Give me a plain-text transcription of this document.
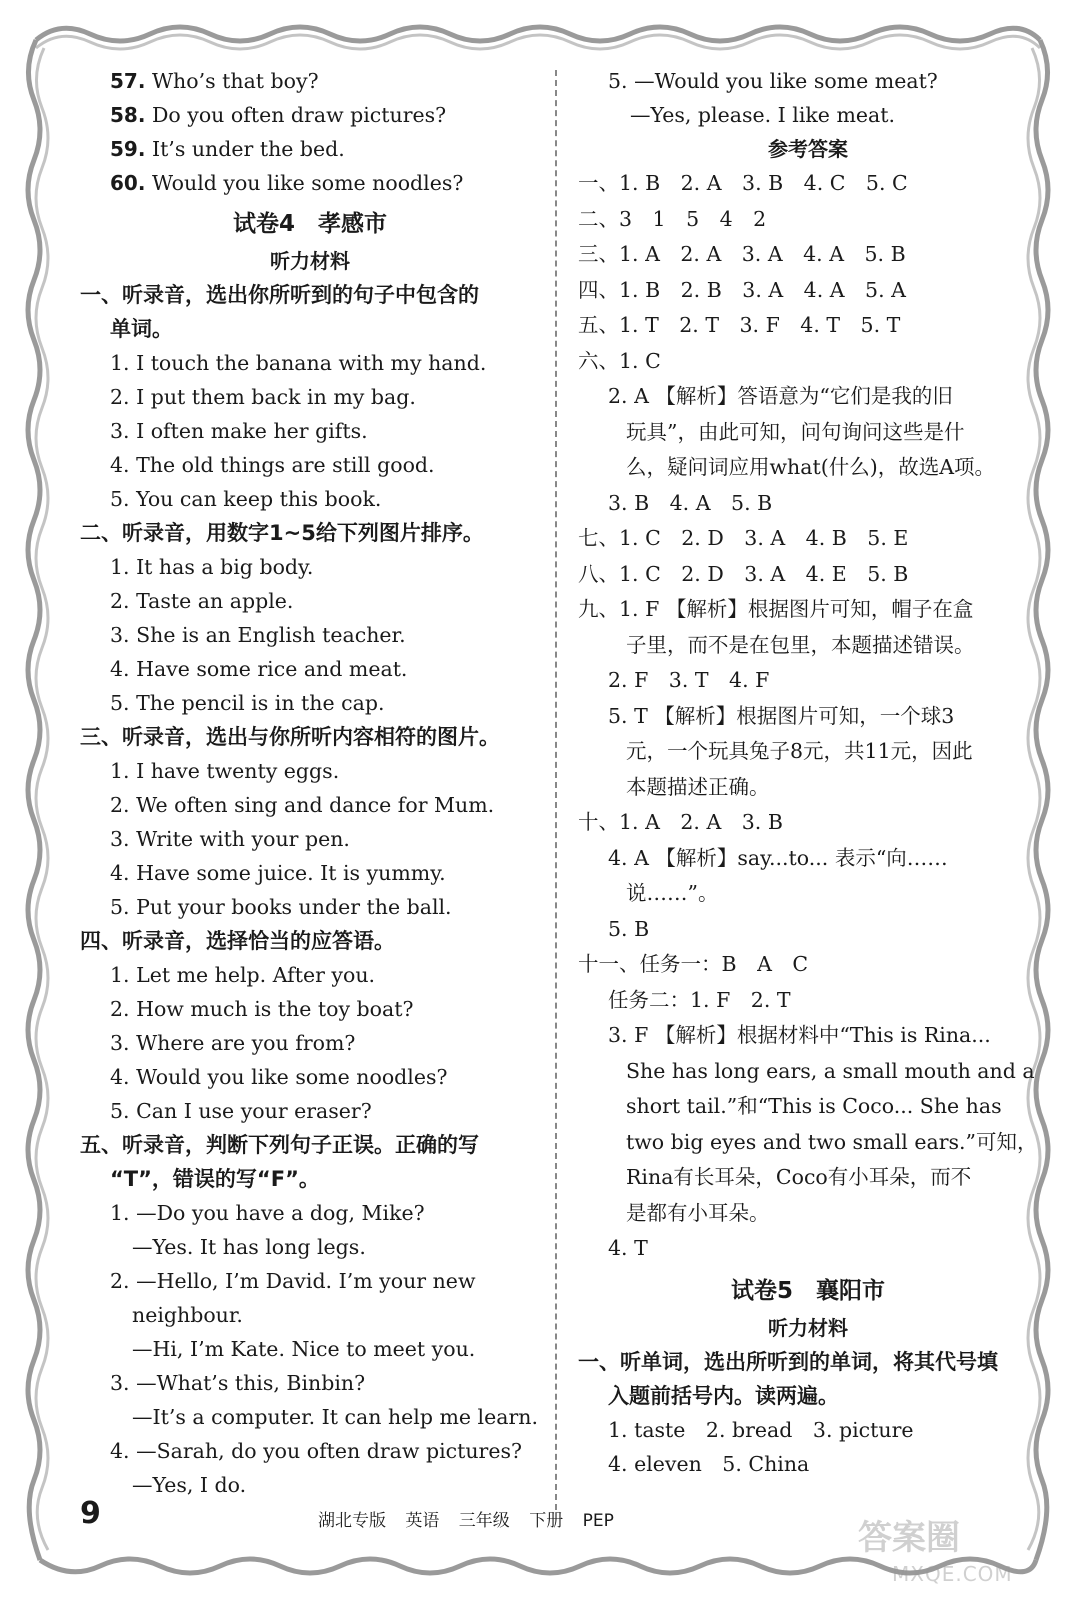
57. Who’s that boy?
58. Do you often draw pictures?
59. It’s under the bed.
60. Would you like some noodles?
试卷4　孝感市
听力材料
一、听录音，选出你所听到的句子中包含的
单词。
1. I touch the banana with my hand.
2. I put them back in my bag.
3. I often make her gifts.
4. The old things are still good.
5. You can keep this book.
二、听录音，用数字1~5给下列图片排序。
1. It has a big body.
2. Taste an apple.
3. She is an English teacher.
4. Have some rice and meat.
5. The pencil is in the cap.
三、听录音，选出与你所听内容相符的图片。
1. I have twenty eggs.
2. We often sing and dance for Mum.
3. Write with your pen.
4. Have some juice. It is yummy.
5. Put your books under the ball.
四、听录音，选择恰当的应答语。
1. Let me help. After you.
2. How much is the toy boat?
3. Where are you from?
4. Would you like some noodles?
5. Can I use your eraser?
五、听录音，判断下列句子正误。正确的写
“T”，错误的写“F”。
1. —Do you have a dog, Mike?
—Yes. It has long legs.
2. —Hello, I’m David. I’m your new
neighbour.
—Hi, I’m Kate. Nice to meet you.
3. —What’s this, Binbin?
—It’s a computer. It can help me learn.
4. —Sarah, do you often draw pictures?
—Yes, I do.
5. —Would you like some meat?
—Yes, please. I like meat.
参考答案
一、1. B　2. A　3. B　4. C　5. C
二、3　1　5　4　2
三、1. A　2. A　3. A　4. A　5. B
四、1. B　2. B　3. A　4. A　5. A
五、1. T　2. T　3. F　4. T　5. T
六、1. C
2. A 【解析】答语意为“它们是我的旧
玩具”，由此可知，问句询问这些是什
么，疑问词应用what(什么)，故选A项。
3. B　4. A　5. B
七、1. C　2. D　3. A　4. B　5. E
八、1. C　2. D　3. A　4. E　5. B
九、1. F 【解析】根据图片可知，帽子在盒
子里，而不是在包里，本题描述错误。
2. F　3. T　4. F
5. T 【解析】根据图片可知，一个球3
元，一个玩具兔子8元，共11元，因此
本题描述正确。
十、1. A　2. A　3. B
4. A 【解析】say...to... 表示“向……
说……”。
5. B
十一、任务一：B　A　C
任务二：1. F　2. T
3. F 【解析】根据材料中“This is Rina...
She has long ears, a small mouth and a
short tail.”和“This is Coco... She has
two big eyes and two small ears.”可知，
Rina有长耳朵，Coco有小耳朵，而不
是都有小耳朵。
4. T
试卷5　襄阳市
听力材料
一、听单词，选出所听到的单词，将其代号填
入题前括号内。读两遍。
1. taste　2. bread　3. picture
4. eleven　5. China
9	湖北专版 英语 三年级 下册 PEP	答案圈
MXQE.COM
